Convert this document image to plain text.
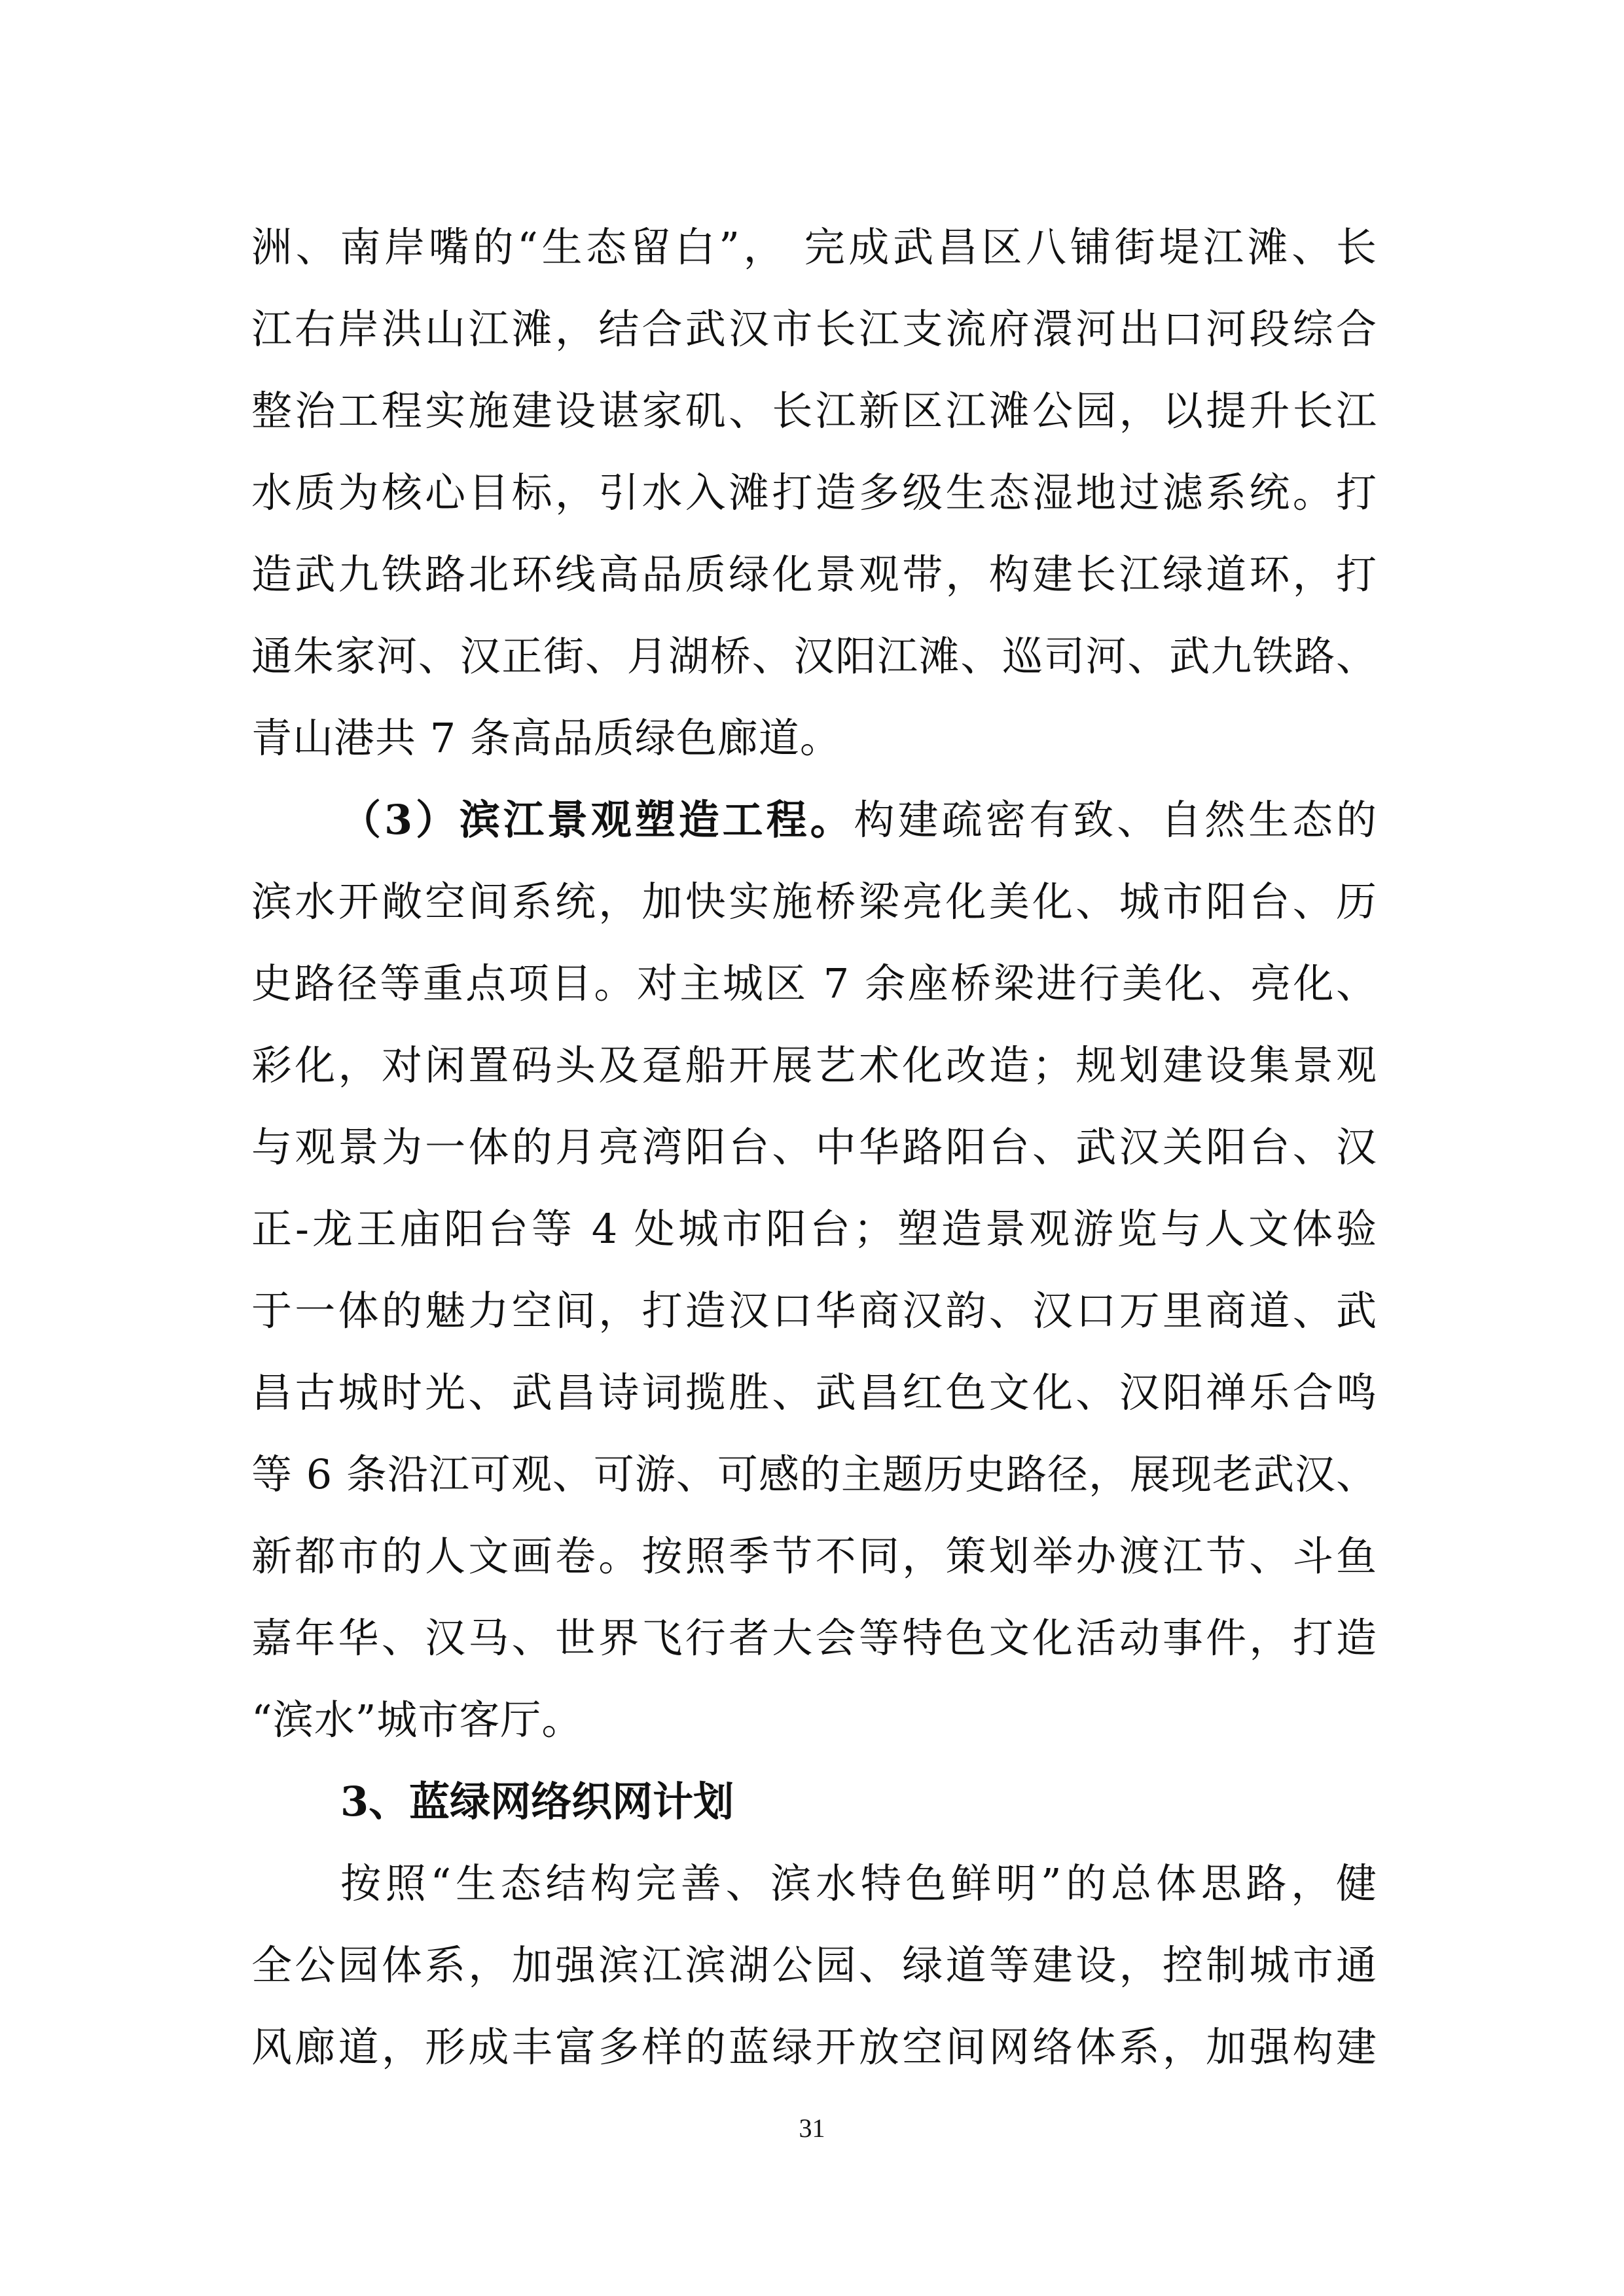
洲、南岸嘴的“生态留白”， 完成武昌区八铺街堤江滩、长
江右岸洪山江滩，结合武汉市长江支流府澴河出口河段综合
整治工程实施建设谌家矶、长江新区江滩公园，以提升长江
水质为核心目标，引水入滩打造多级生态湿地过滤系统。打
造武九铁路北环线高品质绿化景观带，构建长江绿道环，打
通朱家河、汉正街、月湖桥、汉阳江滩、巡司河、武九铁路、
青山港共 7 条高品质绿色廊道。
（3）滨江景观塑造工程。构建疏密有致、自然生态的
滨水开敞空间系统，加快实施桥梁亮化美化、城市阳台、历
史路径等重点项目。对主城区 7 余座桥梁进行美化、亮化、
彩化，对闲置码头及趸船开展艺术化改造；规划建设集景观
与观景为一体的月亮湾阳台、中华路阳台、武汉关阳台、汉
正-龙王庙阳台等 4 处城市阳台；塑造景观游览与人文体验
于一体的魅力空间，打造汉口华商汉韵、汉口万里商道、武
昌古城时光、武昌诗词揽胜、武昌红色文化、汉阳禅乐合鸣
等 6 条沿江可观、可游、可感的主题历史路径，展现老武汉、
新都市的人文画卷。按照季节不同，策划举办渡江节、斗鱼
嘉年华、汉马、世界飞行者大会等特色文化活动事件，打造
“滨水”城市客厅。
3、蓝绿网络织网计划
按照“生态结构完善、滨水特色鲜明”的总体思路，健
全公园体系，加强滨江滨湖公园、绿道等建设，控制城市通
风廊道，形成丰富多样的蓝绿开放空间网络体系，加强构建
31
